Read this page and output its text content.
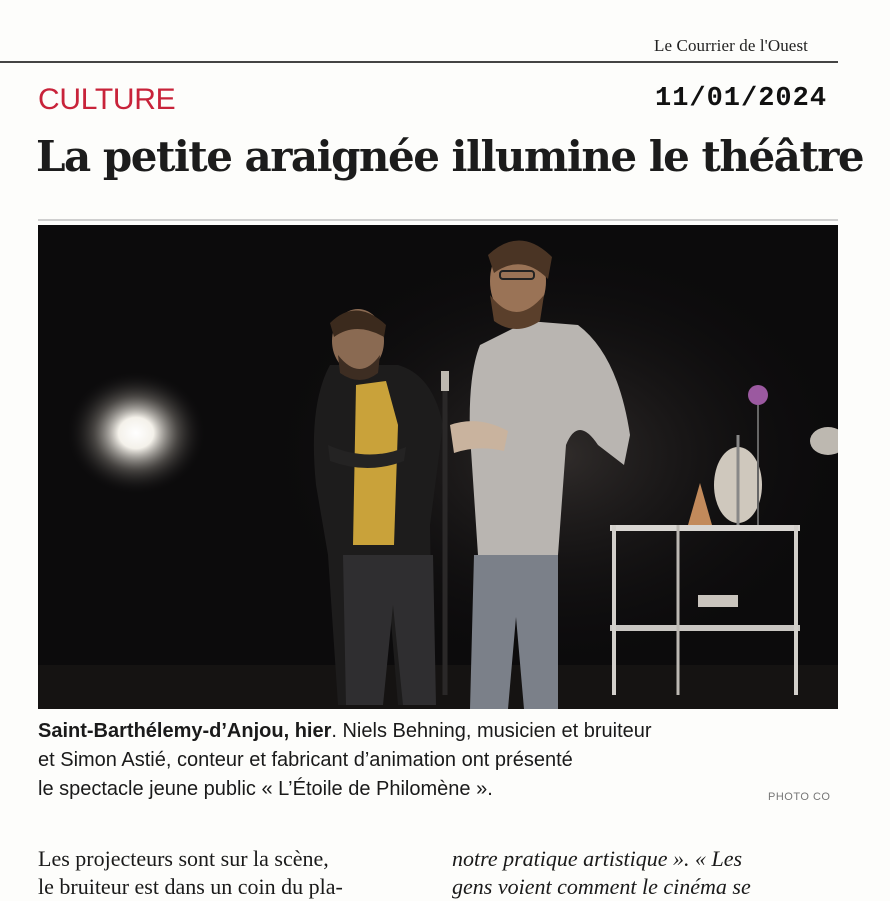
Le Courrier de l'Ouest
CULTURE	11/01/2024
La petite araignée illumine le théâtre

Saint-Barthélemy-d’Anjou, hier. Niels Behning, musicien et bruiteur
et Simon Astié, conteur et fabricant d’animation ont présenté
le spectacle jeune public « L’Étoile de Philomène ».	PHOTO CO

Les projecteurs sont sur la scène,
le bruiteur est dans un coin du pla-

notre pratique artistique ». « Les
gens voient comment le cinéma se
